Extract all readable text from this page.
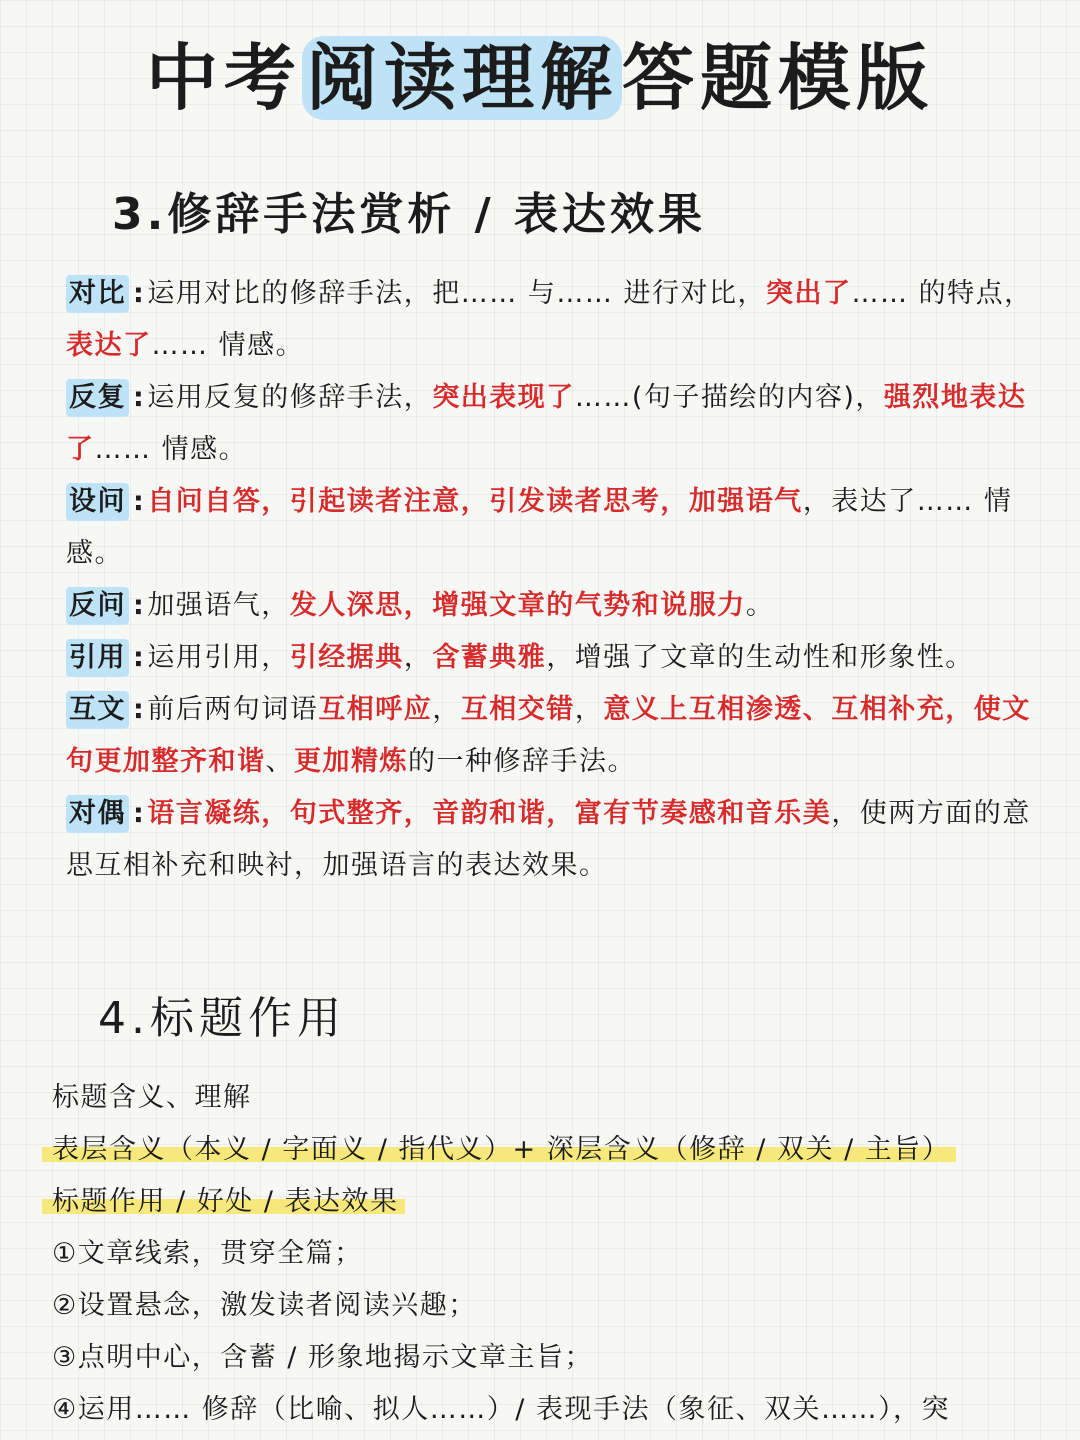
中考阅读理解答题模版
3.修辞手法赏析 / 表达效果

对比 :运用对比的修辞手法，把…… 与…… 进行对比，突出了…… 的特点，表达了…… 情感。

反复 :运用反复的修辞手法，突出表现了……(句子描绘的内容)，强烈地表达了…… 情感。

设问 :自问自答，引起读者注意，引发读者思考，加强语气，表达了…… 情感。

反问 :加强语气，发人深思，增强文章的气势和说服力。

引用 :运用引用，引经据典，含蓄典雅，增强了文章的生动性和形象性。

互文 :前后两句词语互相呼应，互相交错，意义上互相渗透、互相补充，使文句更加整齐和谐、更加精炼的一种修辞手法。

对偶 :语言凝练，句式整齐，音韵和谐，富有节奏感和音乐美，使两方面的意思互相补充和映衬，加强语言的表达效果。

4.标题作用

标题含义、理解

表层含义（本义 / 字面义 / 指代义）+ 深层含义（修辞 / 双关 / 主旨）

标题作用 / 好处 / 表达效果

①文章线索，贯穿全篇；

②设置悬念，激发读者阅读兴趣；

③点明中心，含蓄 / 形象地揭示文章主旨；

④运用…… 修辞（比喻、拟人……）/ 表现手法（象征、双关……），突
